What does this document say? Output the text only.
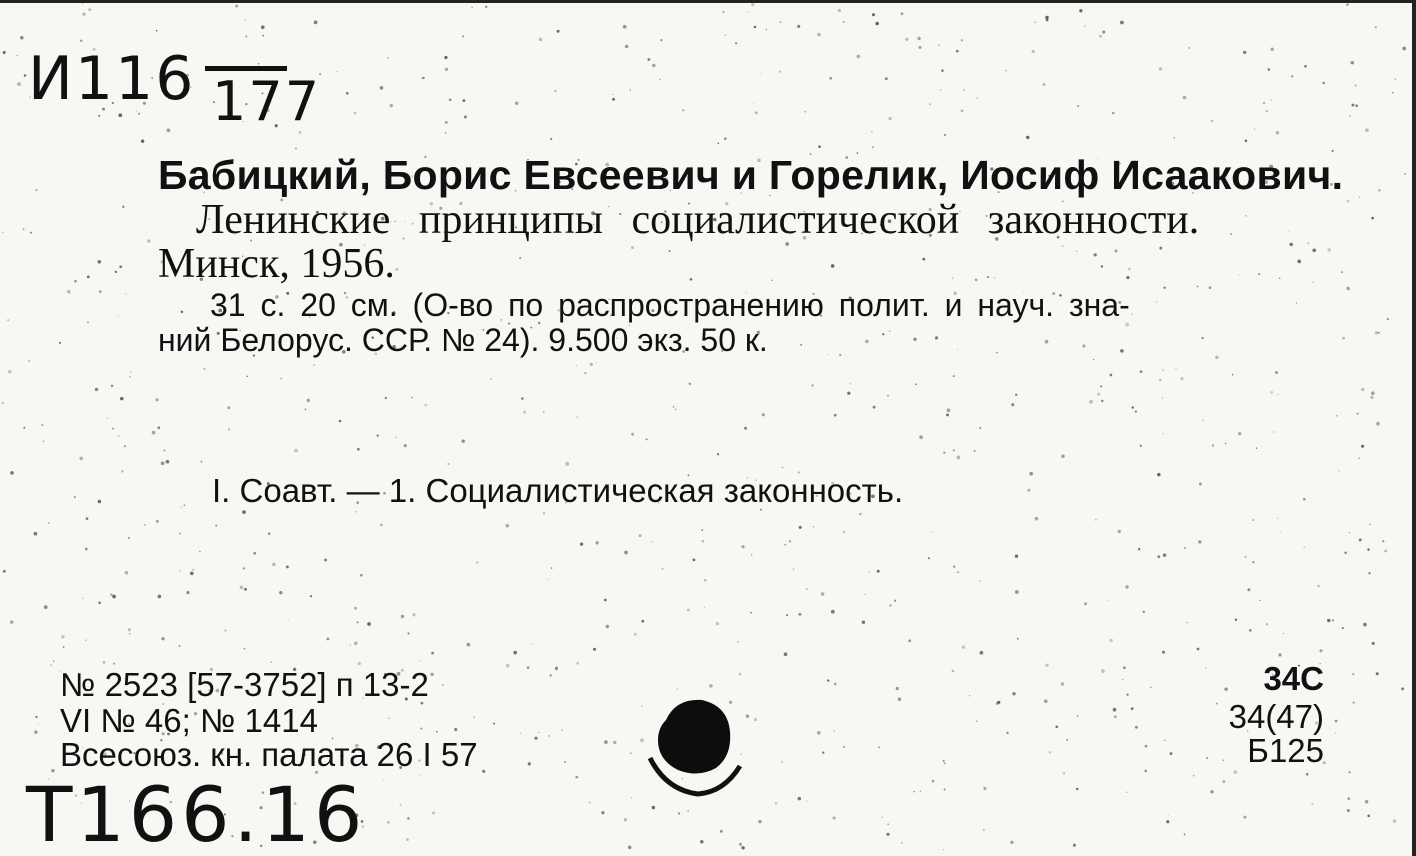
И116 177
Бабицкий, Борис Евсеевич и Горелик, Иосиф Исаакович.
Ленинские принципы социалистической законности.
Минск, 1956.
31 с. 20 см. (О-во по распространению полит. и науч. зна-
ний Белорус. ССР. № 24). 9.500 экз. 50 к.
I. Соавт. — 1. Социалистическая законность.
№ 2523 [57-3752] п 13-2
VI № 46; № 1414
Всесоюз. кн. палата 26 I 57
34С
34(47)
Б125
Т166.16
